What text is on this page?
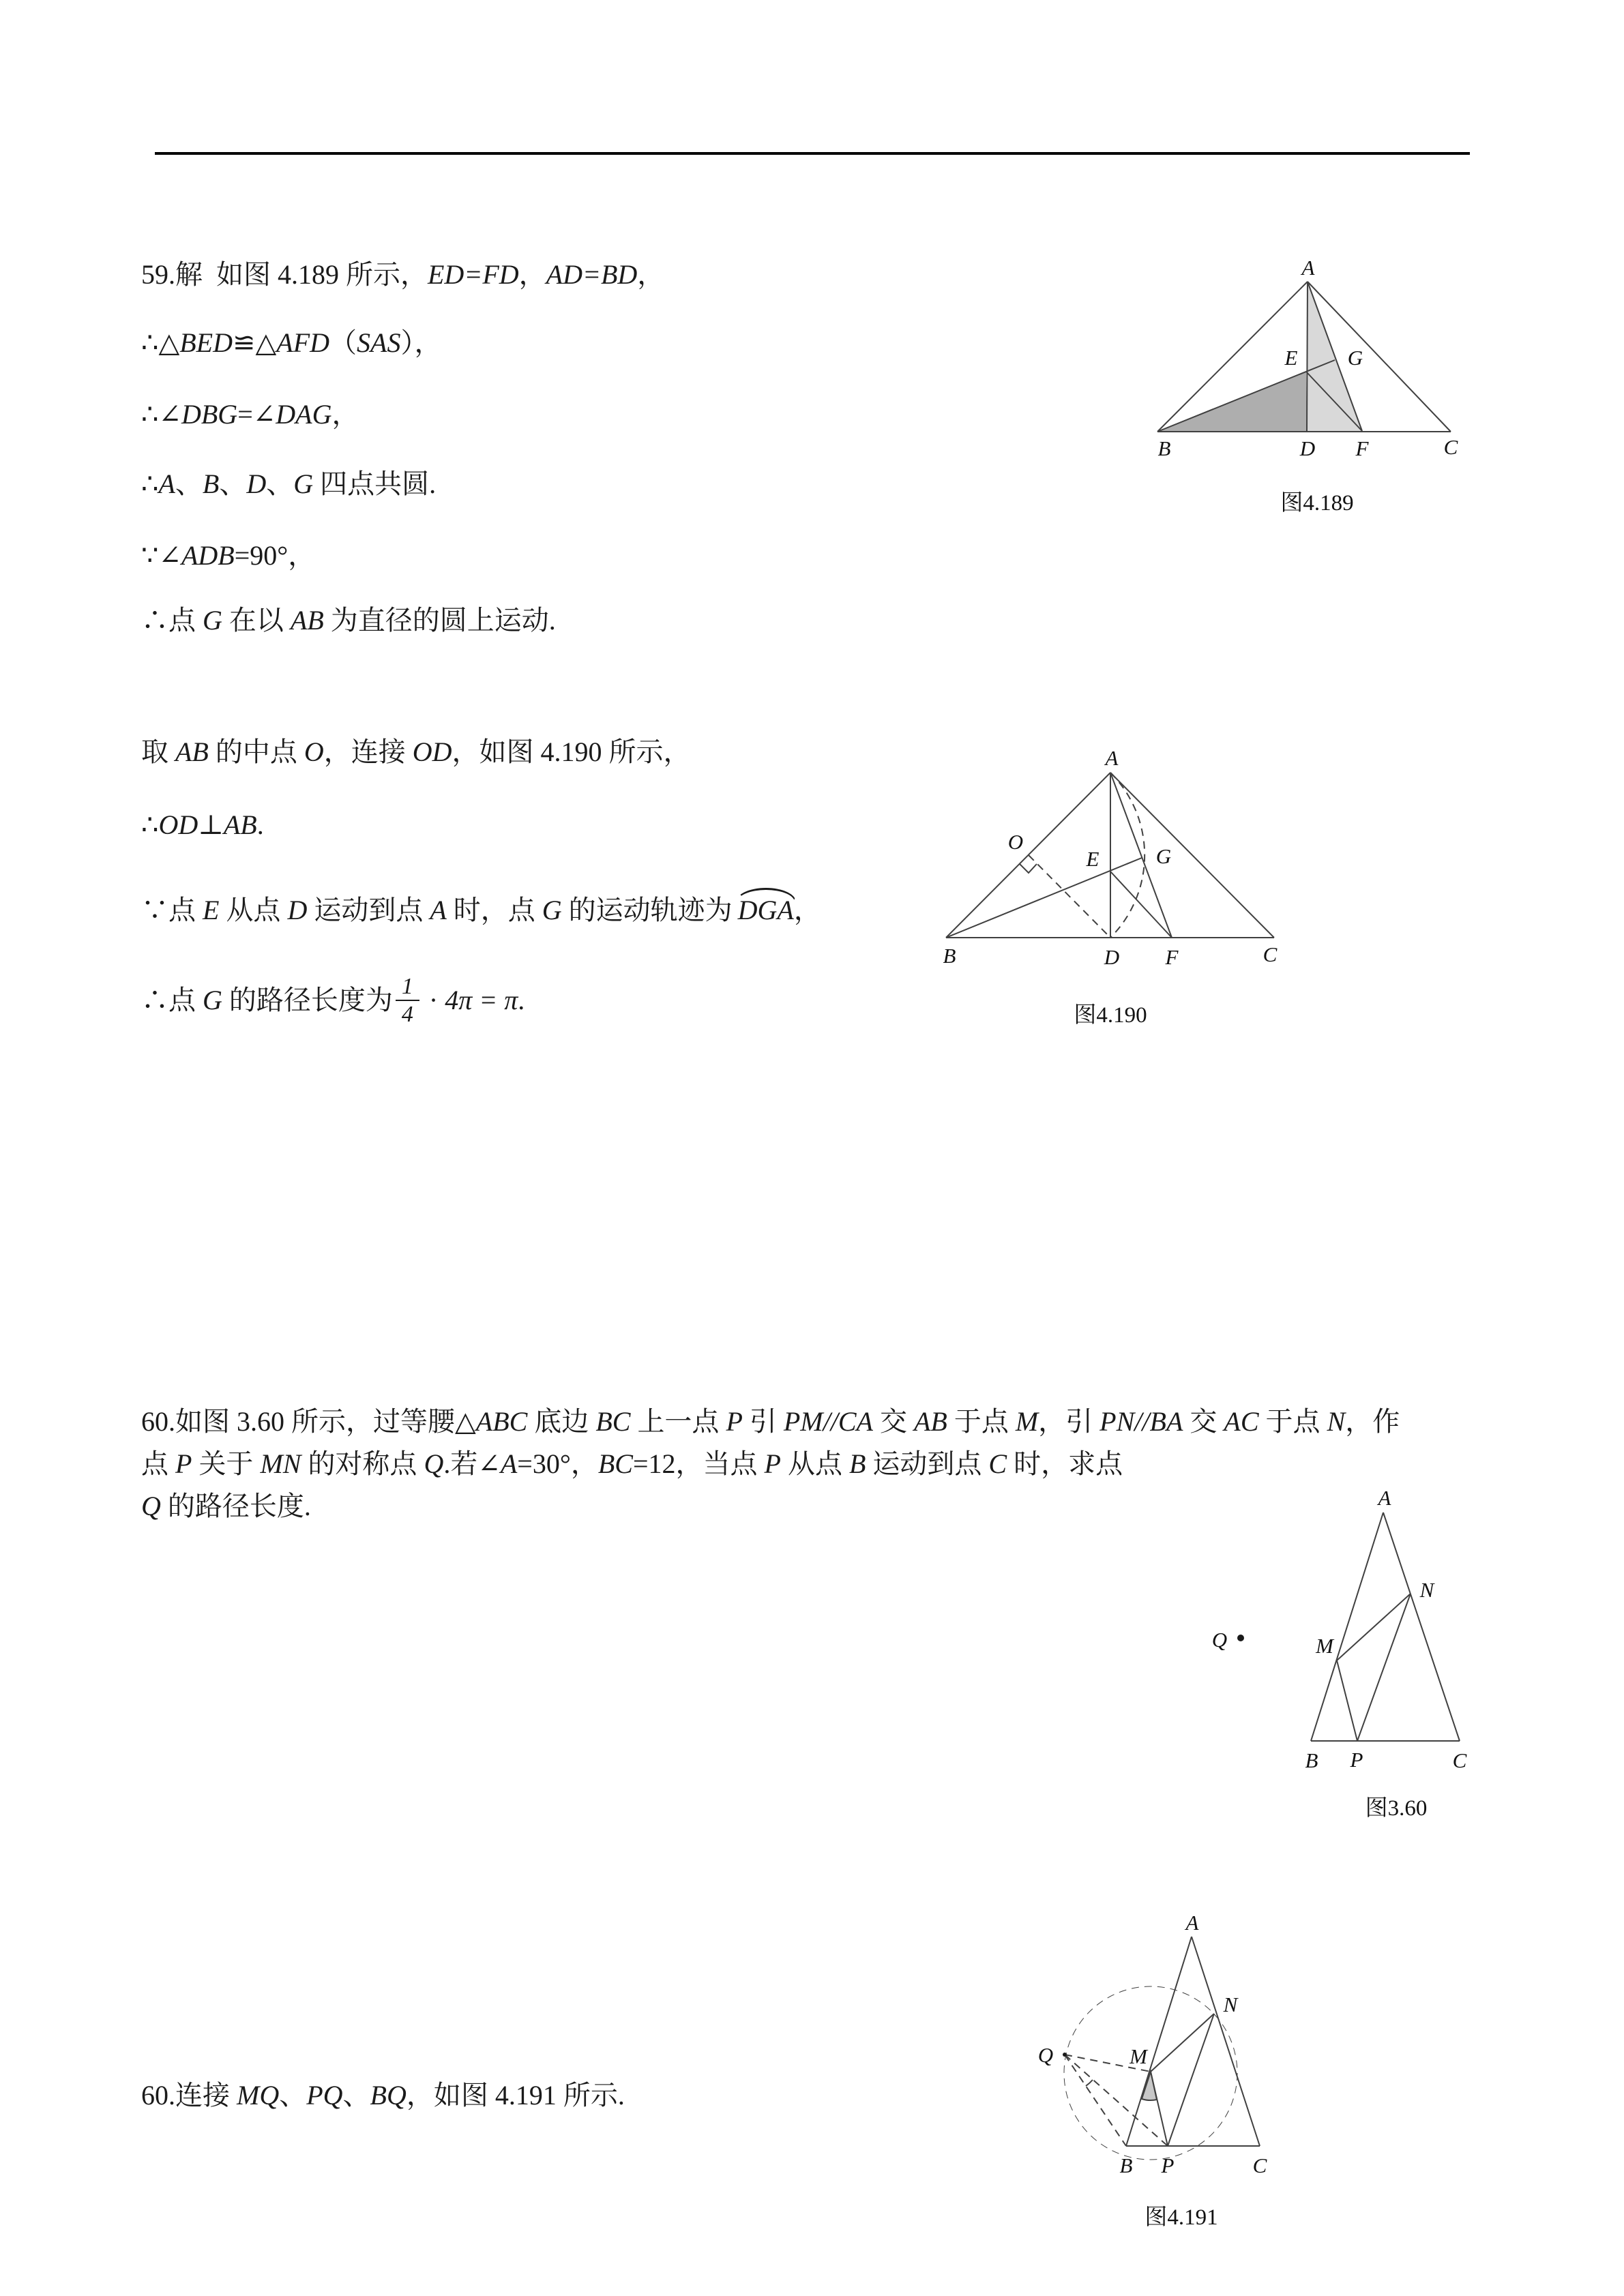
59.解  如图 4.189 所示，ED=FD，AD=BD，
∴△BED≌△AFD（SAS），
∴∠DBG=∠DAG，
∴A、B、D、G 四点共圆.
∵∠ADB=90°，
∴点 G 在以 AB 为直径的圆上运动.
取 AB 的中点 O，连接 OD，如图 4.190 所示，
∴OD⊥AB.
∵点 E 从点 D 运动到点 A 时，点 G 的运动轨迹为 DGA，
∴点 G 的路径长度为 $\frac{1}{4} \cdot 4\pi = \pi$ .
60.如图 3.60 所示，过等腰△ABC 底边 BC 上一点 P 引 PM//CA 交 AB 于点 M，引 PN//BA 交 AC 于点 N，作
点 P 关于 MN 的对称点 Q.若∠A=30°，BC=12，当点 P 从点 B 运动到点 C 时，求点
Q 的路径长度.
60.连接 MQ、PQ、BQ，如图 4.191 所示.
A
B	D F	C
E G
图4.189
A
B	C
D F
O
E	G
图4.190
A
B	C
P
M
N
Q
图3.60
A
B	C
P
M
N
Q
图4.191
